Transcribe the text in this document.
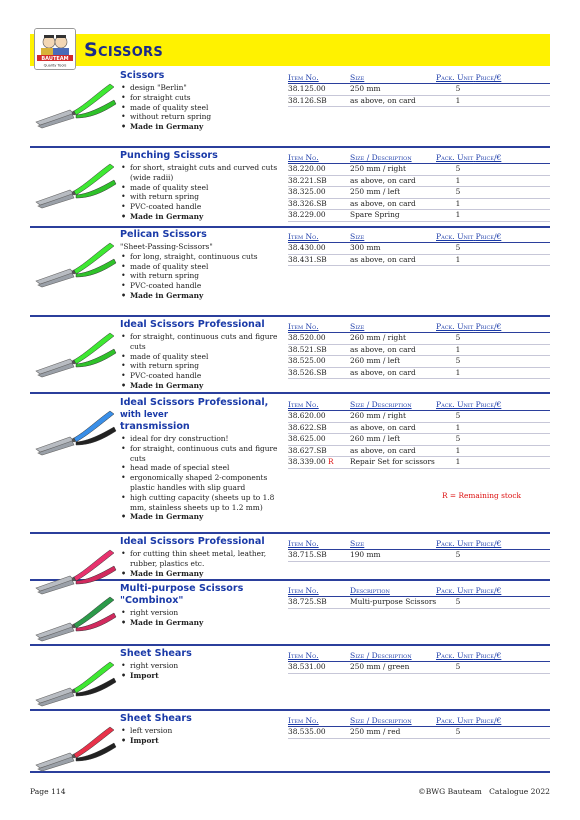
BAUTEAM
Quality Tools
Scissors
Scissors
• design "Berlin"
• for straight cuts
• made of quality steel
• without return spring
• Made in Germany
Item No.	Size	Pack. Unit Price/€
38.125.00	250 mm	5
38.126.SB	as above, on card	1
Punching Scissors
• for short, straight cuts and curved cuts (wide radii)
• made of quality steel
• with return spring
• PVC-coated handle
• Made in Germany
Item No.	Size / Description	Pack. Unit Price/€
38.220.00	250 mm / right	5
38.221.SB	as above, on card	1
38.325.00	250 mm / left	5
38.326.SB	as above, on card	1
38.229.00	Spare Spring	1
Pelican Scissors
"Sheet-Passing-Scissors"
• for long, straight, continuous cuts
• made of quality steel
• with return spring
• PVC-coated handle
• Made in Germany
Item No.	Size	Pack. Unit Price/€
38.430.00	300 mm	5
38.431.SB	as above, on card	1
Ideal Scissors Professional
• for straight, continuous cuts and figure cuts
• made of quality steel
• with return spring
• PVC-coated handle
• Made in Germany
Item No.	Size	Pack. Unit Price/€
38.520.00	260 mm / right	5
38.521.SB	as above, on card	1
38.525.00	260 mm / left	5
38.526.SB	as above, on card	1
Ideal Scissors Professional, with lever
transmission
• ideal for dry construction!
• for straight, continuous cuts and figure cuts
• head made of special steel
• ergonomically shaped 2-components plastic handles with slip guard
• high cutting capacity (sheets up to 1.8 mm, stainless sheets up to 1.2 mm)
• Made in Germany
Item No.	Size / Description	Pack. Unit Price/€
38.620.00	260 mm / right	5
38.622.SB	as above, on card	1
38.625.00	260 mm / left	5
38.627.SB	as above, on card	1
38.339.00 R	Repair Set for scissors	1
R = Remaining stock
Ideal Scissors Professional
• for cutting thin sheet metal, leather, rubber, plastics etc.
• Made in Germany
Item No.	Size	Pack. Unit Price/€
38.715.SB	190 mm	5
Multi-purpose Scissors "Combinox"
• right version
• Made in Germany
Item No.	Description	Pack. Unit Price/€
38.725.SB	Multi-purpose Scissors	5
Sheet Shears
• right version
• Import
Item No.	Size / Description	Pack. Unit Price/€
38.531.00	250 mm / green	5
Sheet Shears
• left version
• Import
Item No.	Size / Description	Pack. Unit Price/€
38.535.00	250 mm / red	5
Page 114	©BWG Bauteam Catalogue 2022
